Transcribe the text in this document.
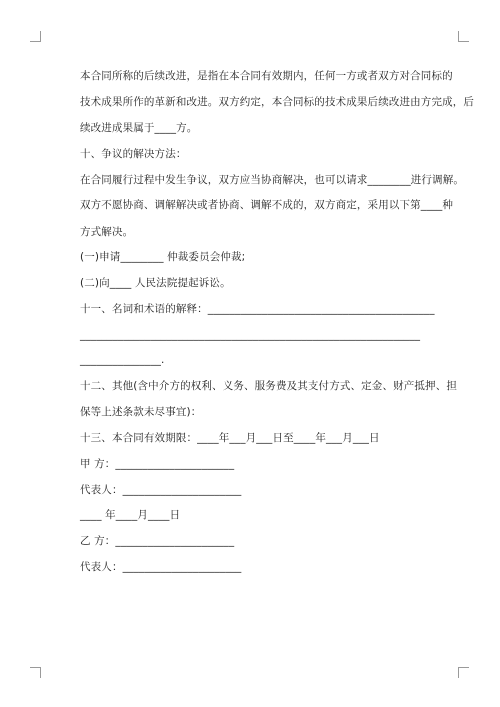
本合同所称的后续改进，是指在本合同有效期内，任何一方或者双方对合同标的
技术成果所作的革新和改进。双方约定，本合同标的技术成果后续改进由方完成，后
续改进成果属于____方。
十、争议的解决方法：
在合同履行过程中发生争议，双方应当协商解决，也可以请求________进行调解。
双方不愿协商、调解解决或者协商、调解不成的，双方商定，采用以下第____种
方式解决。
(一)申请________ 仲裁委员会仲裁;
(二)向____ 人民法院提起诉讼。
十一、名词和术语的解释：__________________________________________
_______________________________________________________________
_______________.
十二、其他(含中介方的权利、义务、服务费及其支付方式、定金、财产抵押、担
保等上述条款未尽事宜)：
十三、本合同有效期限：____年___月___日至____年___月___日
甲 方：______________________
代表人：______________________
____ 年____月____日
乙 方：______________________
代表人：______________________
